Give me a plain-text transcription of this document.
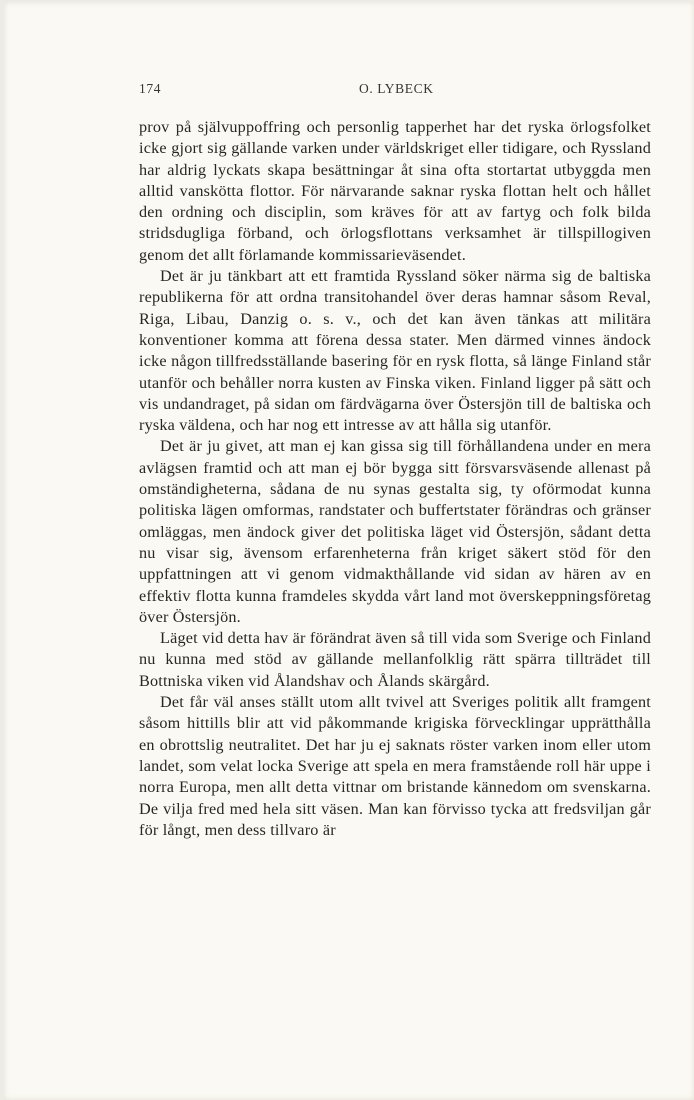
174	O. LYBECK

prov på självuppoffring och personlig tapperhet har det ryska örlogsfolket icke gjort sig gällande varken under världskriget eller tidigare, och Ryssland har aldrig lyckats skapa besättningar åt sina ofta stortartat utbyggda men alltid vanskötta flottor. För närvarande saknar ryska flottan helt och hållet den ordning och disciplin, som kräves för att av fartyg och folk bilda stridsdugliga förband, och örlogsflottans verksamhet är tillspillogiven genom det allt förlamande kommissarieväsendet.

Det är ju tänkbart att ett framtida Ryssland söker närma sig de baltiska republikerna för att ordna transitohandel över deras hamnar såsom Reval, Riga, Libau, Danzig o. s. v., och det kan även tänkas att militära konventioner komma att förena dessa stater. Men därmed vinnes ändock icke någon tillfredsställande basering för en rysk flotta, så länge Finland står utanför och behåller norra kusten av Finska viken. Finland ligger på sätt och vis undandraget, på sidan om färdvägarna över Östersjön till de baltiska och ryska väldena, och har nog ett intresse av att hålla sig utanför.

Det är ju givet, att man ej kan gissa sig till förhållandena under en mera avlägsen framtid och att man ej bör bygga sitt försvarsväsende allenast på omständigheterna, sådana de nu synas gestalta sig, ty oförmodat kunna politiska lägen omformas, randstater och buffertstater förändras och gränser omläggas, men ändock giver det politiska läget vid Östersjön, sådant detta nu visar sig, ävensom erfarenheterna från kriget säkert stöd för den uppfattningen att vi genom vidmakthållande vid sidan av hären av en effektiv flotta kunna framdeles skydda vårt land mot överskeppningsföretag över Östersjön.

Läget vid detta hav är förändrat även så till vida som Sverige och Finland nu kunna med stöd av gällande mellanfolklig rätt spärra tillträdet till Bottniska viken vid Ålandshav och Ålands skärgård.

Det får väl anses ställt utom allt tvivel att Sveriges politik allt framgent såsom hittills blir att vid påkommande krigiska förvecklingar upprätthålla en obrottslig neutralitet. Det har ju ej saknats röster varken inom eller utom landet, som velat locka Sverige att spela en mera framstående roll här uppe i norra Europa, men allt detta vittnar om bristande kännedom om svenskarna. De vilja fred med hela sitt väsen. Man kan förvisso tycka att fredsviljan går för långt, men dess tillvaro är
